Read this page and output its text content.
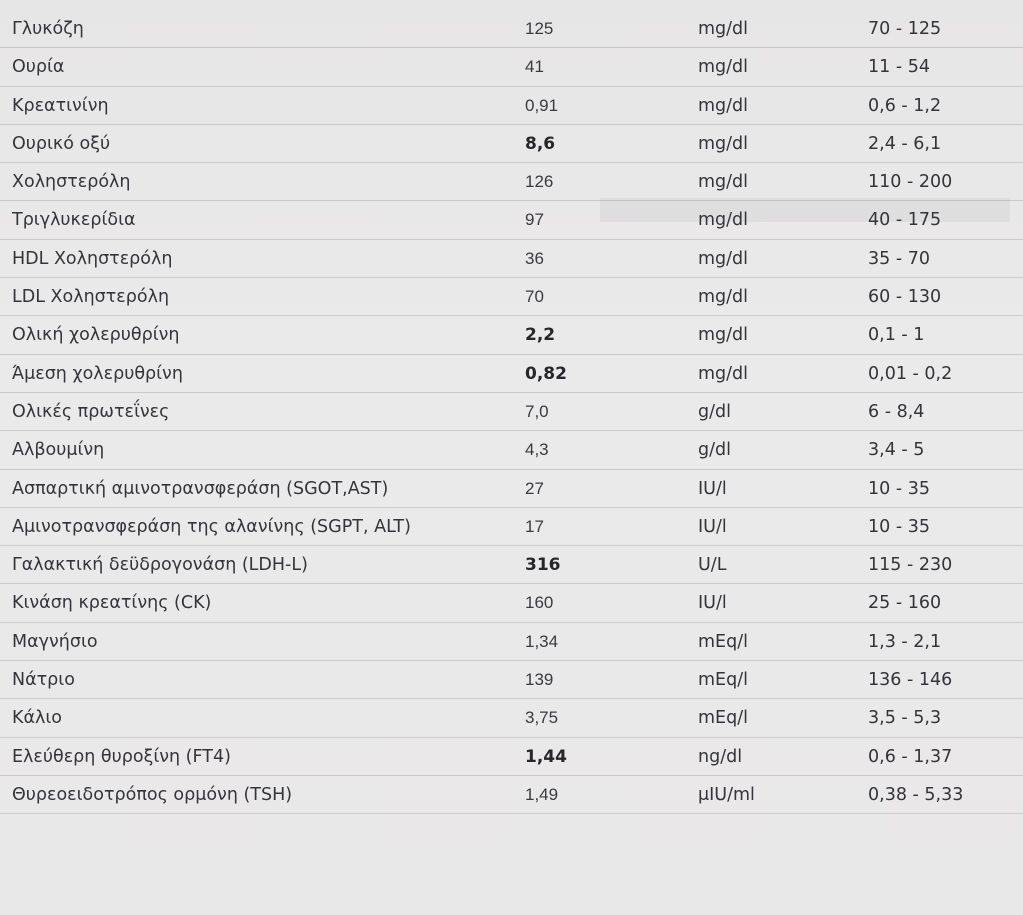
Γλυκόζη	125	mg/dl	70 - 125
Ουρία	41	mg/dl	11 - 54
Κρεατινίνη	0,91	mg/dl	0,6 - 1,2
Ουρικό οξύ	8,6	mg/dl	2,4 - 6,1
Χοληστερόλη	126	mg/dl	110 - 200
Τριγλυκερίδια	97	mg/dl	40 - 175
HDL Χοληστερόλη	36	mg/dl	35 - 70
LDL Χοληστερόλη	70	mg/dl	60 - 130
Ολική χολερυθρίνη	2,2	mg/dl	0,1 - 1
Άμεση χολερυθρίνη	0,82	mg/dl	0,01 - 0,2
Ολικές πρωτεΐνες	7,0	g/dl	6 - 8,4
Αλβουμίνη	4,3	g/dl	3,4 - 5
Ασπαρτική αμινοτρανσφεράση (SGOT,AST)	27	IU/l	10 - 35
Αμινοτρανσφεράση της αλανίνης (SGPT, ALT)	17	IU/l	10 - 35
Γαλακτική δεϋδρογονάση (LDH-L)	316	U/L	115 - 230
Κινάση κρεατίνης (CK)	160	IU/l	25 - 160
Μαγνήσιο	1,34	mEq/l	1,3 - 2,1
Νάτριο	139	mEq/l	136 - 146
Κάλιο	3,75	mEq/l	3,5 - 5,3
Ελεύθερη θυροξίνη (FT4)	1,44	ng/dl	0,6 - 1,37
Θυρεοειδοτρόπος ορμόνη (TSH)	1,49	μIU/ml	0,38 - 5,33
